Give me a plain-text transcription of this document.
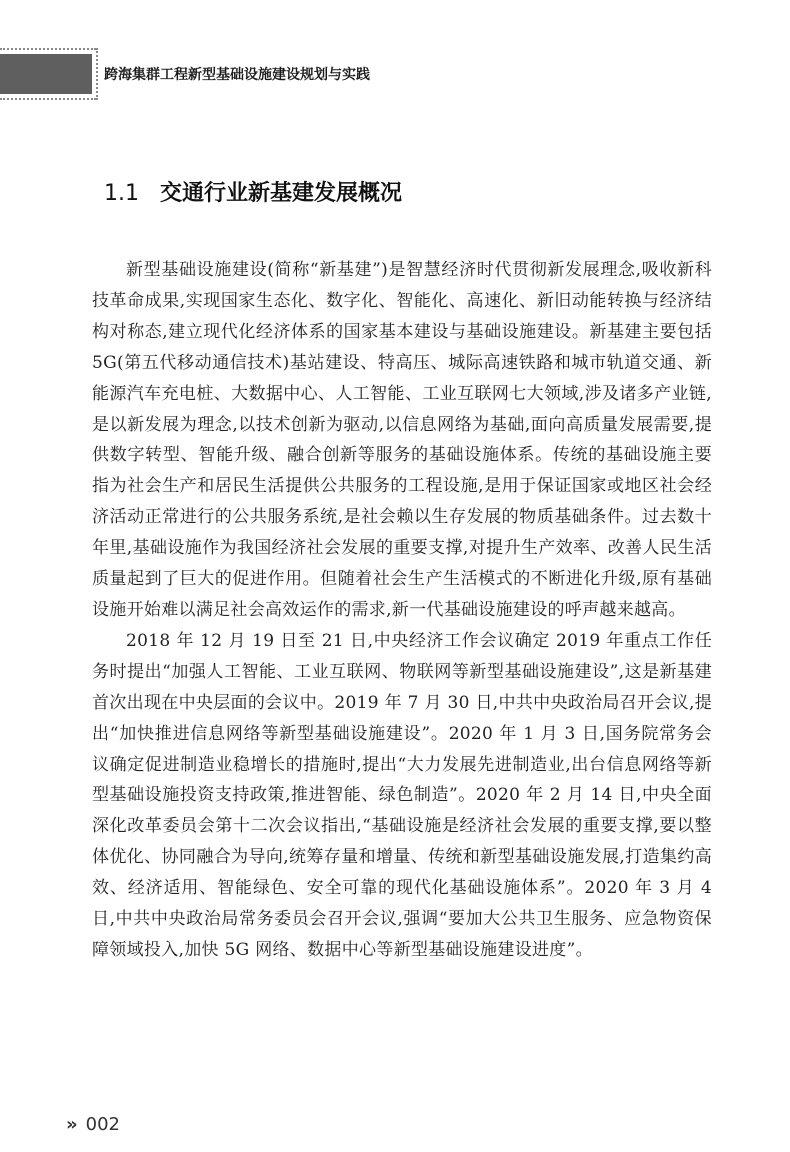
跨海集群工程新型基础设施建设规划与实践
1.1 交通行业新基建发展概况

新型基础设施建设(简称“新基建”)是智慧经济时代贯彻新发展理念,吸收新科技革命成果,实现国家生态化、数字化、智能化、高速化、新旧动能转换与经济结构对称态,建立现代化经济体系的国家基本建设与基础设施建设。新基建主要包括5G(第五代移动通信技术)基站建设、特高压、城际高速铁路和城市轨道交通、新能源汽车充电桩、大数据中心、人工智能、工业互联网七大领域,涉及诸多产业链,是以新发展为理念,以技术创新为驱动,以信息网络为基础,面向高质量发展需要,提供数字转型、智能升级、融合创新等服务的基础设施体系。传统的基础设施主要指为社会生产和居民生活提供公共服务的工程设施,是用于保证国家或地区社会经济活动正常进行的公共服务系统,是社会赖以生存发展的物质基础条件。过去数十年里,基础设施作为我国经济社会发展的重要支撑,对提升生产效率、改善人民生活质量起到了巨大的促进作用。但随着社会生产生活模式的不断进化升级,原有基础设施开始难以满足社会高效运作的需求,新一代基础设施建设的呼声越来越高。

2018 年 12 月 19 日至 21 日,中央经济工作会议确定 2019 年重点工作任务时提出“加强人工智能、工业互联网、物联网等新型基础设施建设”,这是新基建首次出现在中央层面的会议中。2019 年 7 月 30 日,中共中央政治局召开会议,提出“加快推进信息网络等新型基础设施建设”。2020 年 1 月 3 日,国务院常务会议确定促进制造业稳增长的措施时,提出“大力发展先进制造业,出台信息网络等新型基础设施投资支持政策,推进智能、绿色制造”。2020 年 2 月 14 日,中央全面深化改革委员会第十二次会议指出,“基础设施是经济社会发展的重要支撑,要以整体优化、协同融合为导向,统筹存量和增量、传统和新型基础设施发展,打造集约高效、经济适用、智能绿色、安全可靠的现代化基础设施体系”。2020 年 3 月 4 日,中共中央政治局常务委员会召开会议,强调“要加大公共卫生服务、应急物资保障领域投入,加快 5G 网络、数据中心等新型基础设施建设进度”。

» 002
